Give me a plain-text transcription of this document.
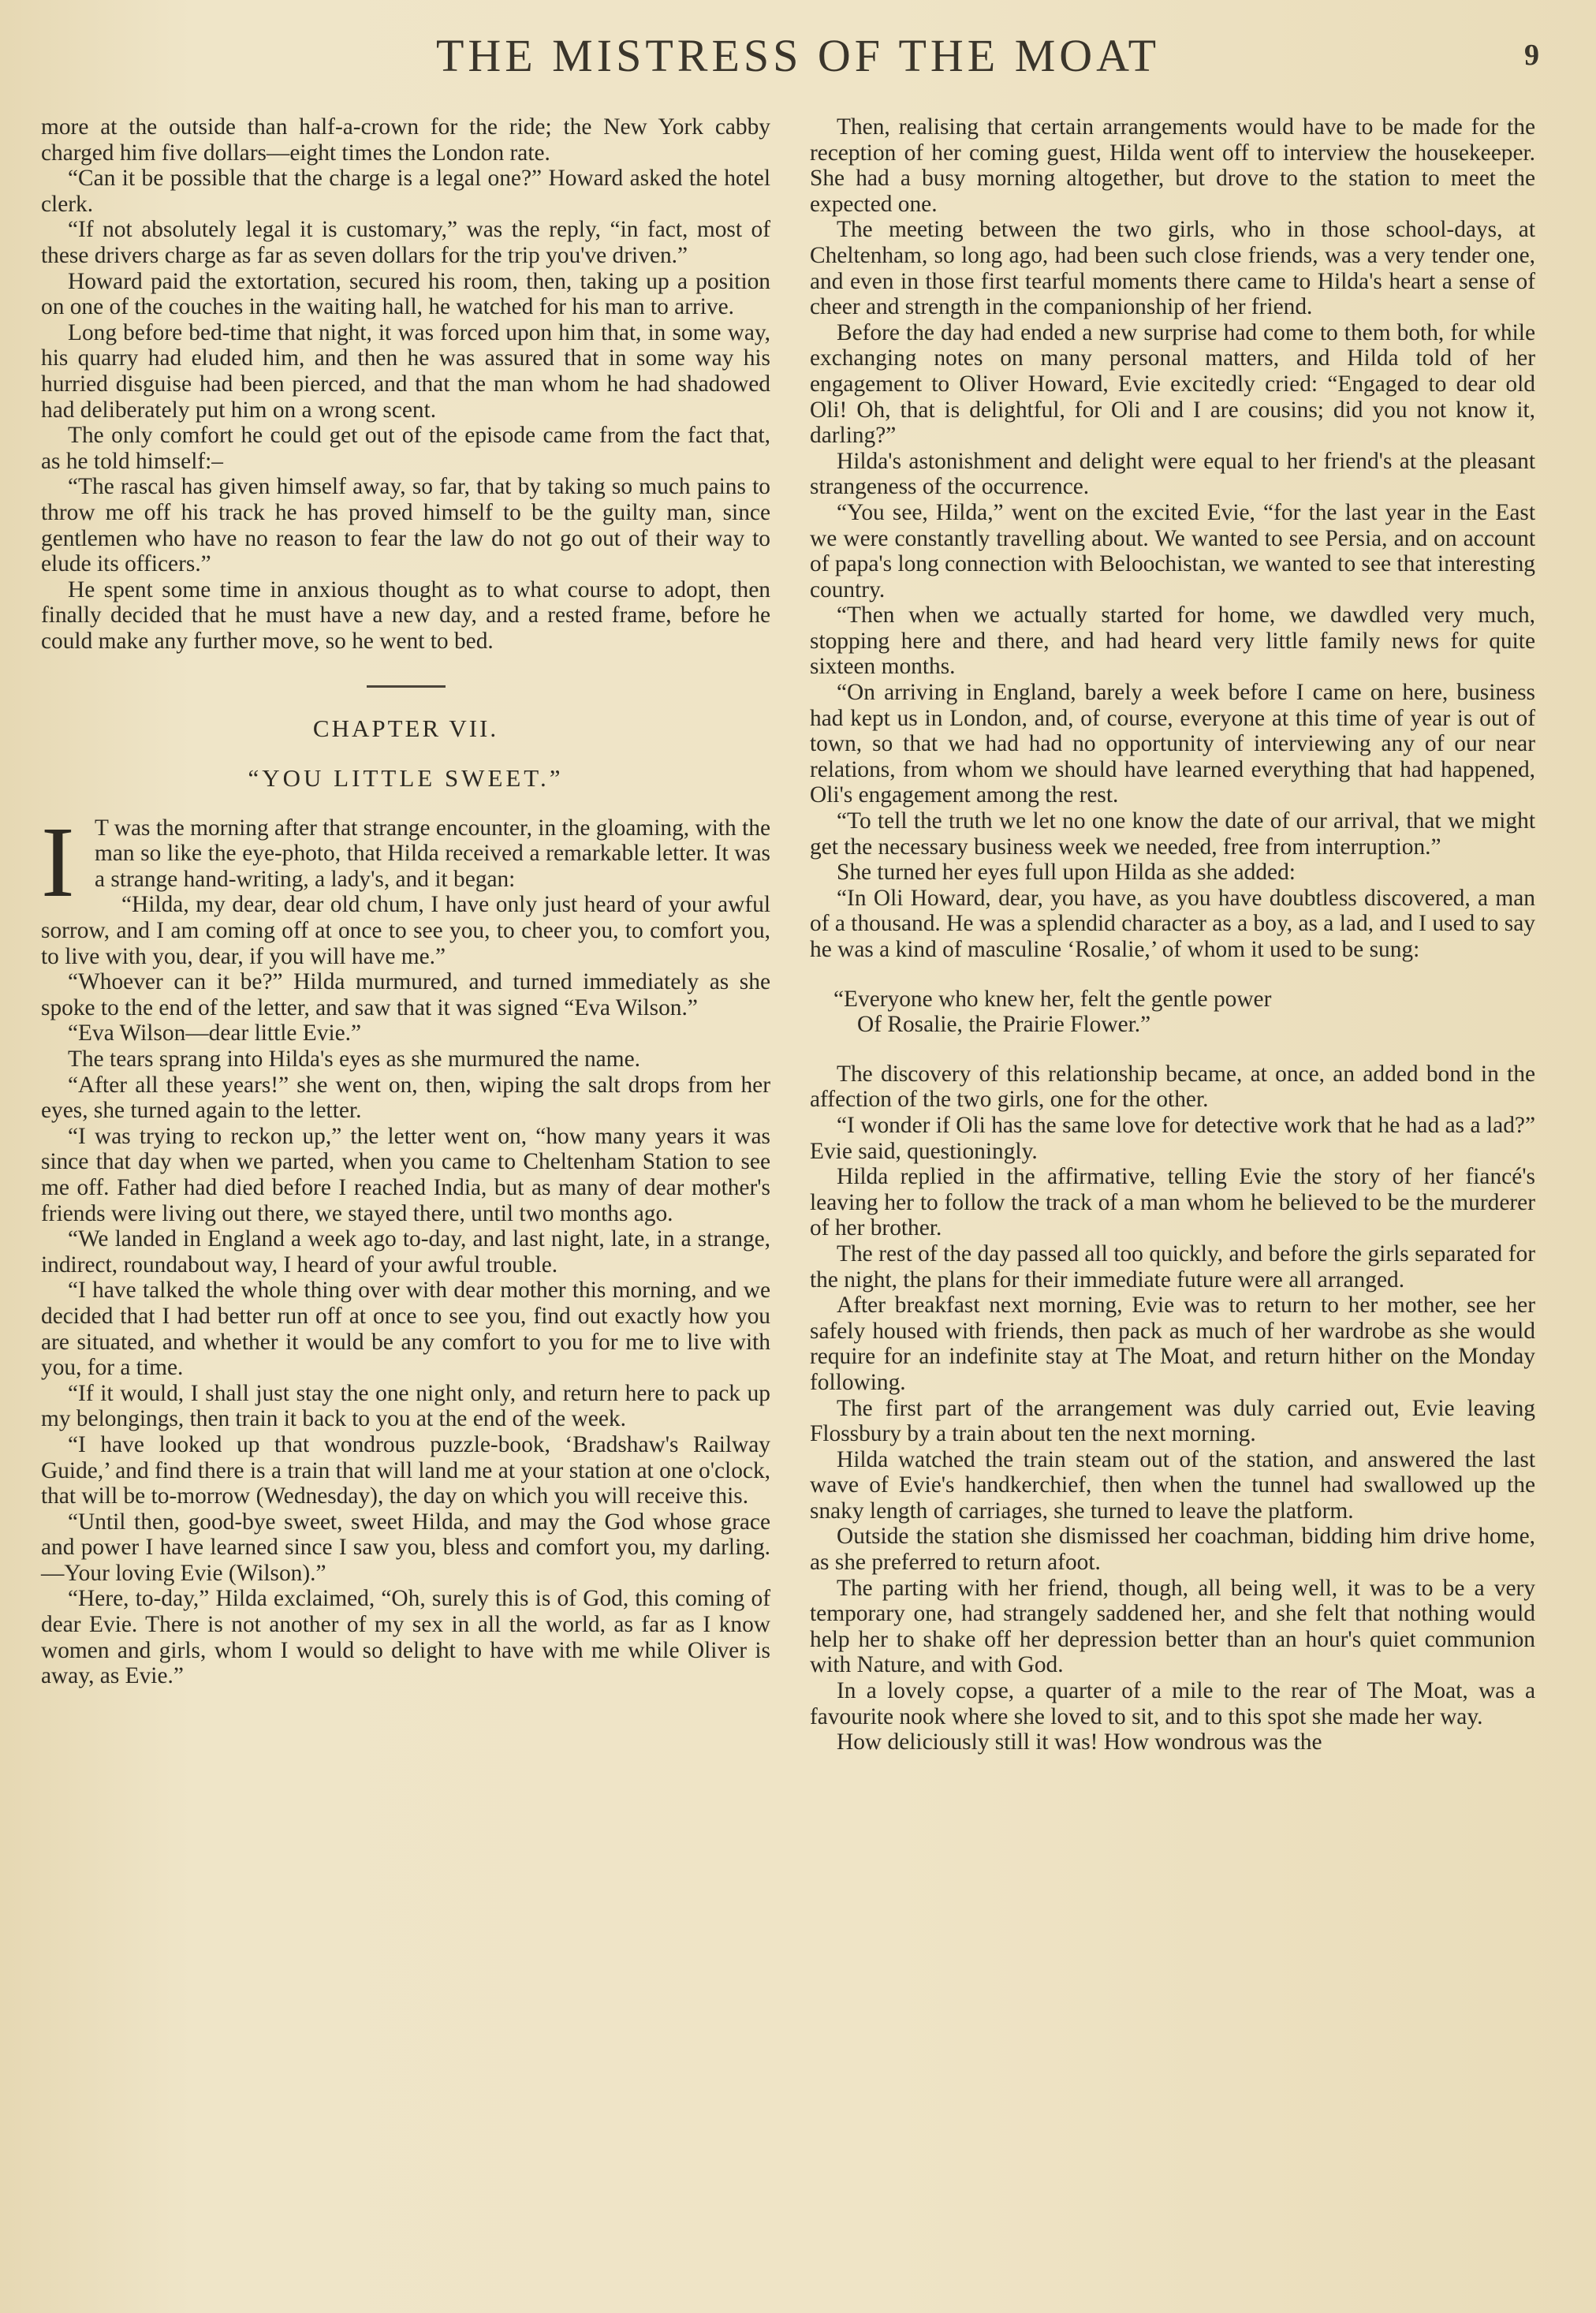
THE MISTRESS OF THE MOAT	9

more at the outside than half-a-crown for the ride; the New York cabby charged him five dollars—eight times the London rate.

“Can it be possible that the charge is a legal one?” Howard asked the hotel clerk.

“If not absolutely legal it is customary,” was the reply, “in fact, most of these drivers charge as far as seven dollars for the trip you've driven.”

Howard paid the extortation, secured his room, then, taking up a position on one of the couches in the waiting hall, he watched for his man to arrive.

Long before bed-time that night, it was forced upon him that, in some way, his quarry had eluded him, and then he was assured that in some way his hurried disguise had been pierced, and that the man whom he had shadowed had deliberately put him on a wrong scent.

The only comfort he could get out of the episode came from the fact that, as he told himself:–

“The rascal has given himself away, so far, that by taking so much pains to throw me off his track he has proved himself to be the guilty man, since gentlemen who have no reason to fear the law do not go out of their way to elude its officers.”

He spent some time in anxious thought as to what course to adopt, then finally decided that he must have a new day, and a rested frame, before he could make any further move, so he went to bed.

CHAPTER VII.
“YOU LITTLE SWEET.”
I T was the morning after that strange encounter, in the gloaming, with the man so like the eye-photo, that Hilda received a remarkable letter. It was a strange hand-writing, a lady's, and it began:

“Hilda, my dear, dear old chum, I have only just heard of your awful sorrow, and I am coming off at once to see you, to cheer you, to comfort you, to live with you, dear, if you will have me.”

“Whoever can it be?” Hilda murmured, and turned immediately as she spoke to the end of the letter, and saw that it was signed “Eva Wilson.”

“Eva Wilson—dear little Evie.”

The tears sprang into Hilda's eyes as she murmured the name.

“After all these years!” she went on, then, wiping the salt drops from her eyes, she turned again to the letter.

“I was trying to reckon up,” the letter went on, “how many years it was since that day when we parted, when you came to Cheltenham Station to see me off. Father had died before I reached India, but as many of dear mother's friends were living out there, we stayed there, until two months ago.

“We landed in England a week ago to-day, and last night, late, in a strange, indirect, roundabout way, I heard of your awful trouble.

“I have talked the whole thing over with dear mother this morning, and we decided that I had better run off at once to see you, find out exactly how you are situated, and whether it would be any comfort to you for me to live with you, for a time.

“If it would, I shall just stay the one night only, and return here to pack up my belongings, then train it back to you at the end of the week.

“I have looked up that wondrous puzzle-book, ‘Bradshaw's Railway Guide,’ and find there is a train that will land me at your station at one o'clock, that will be to-morrow (Wednesday), the day on which you will receive this.

“Until then, good-bye sweet, sweet Hilda, and may the God whose grace and power I have learned since I saw you, bless and comfort you, my darling.—Your loving Evie (Wilson).”

“Here, to-day,” Hilda exclaimed, “Oh, surely this is of God, this coming of dear Evie. There is not another of my sex in all the world, as far as I know women and girls, whom I would so delight to have with me while Oliver is away, as Evie.”

Then, realising that certain arrangements would have to be made for the reception of her coming guest, Hilda went off to interview the housekeeper. She had a busy morning altogether, but drove to the station to meet the expected one.

The meeting between the two girls, who in those school-days, at Cheltenham, so long ago, had been such close friends, was a very tender one, and even in those first tearful moments there came to Hilda's heart a sense of cheer and strength in the companionship of her friend.

Before the day had ended a new surprise had come to them both, for while exchanging notes on many personal matters, and Hilda told of her engagement to Oliver Howard, Evie excitedly cried: “Engaged to dear old Oli! Oh, that is delightful, for Oli and I are cousins; did you not know it, darling?”

Hilda's astonishment and delight were equal to her friend's at the pleasant strangeness of the occurrence.

“You see, Hilda,” went on the excited Evie, “for the last year in the East we were constantly travelling about. We wanted to see Persia, and on account of papa's long connection with Beloochistan, we wanted to see that interesting country.

“Then when we actually started for home, we dawdled very much, stopping here and there, and had heard very little family news for quite sixteen months.

“On arriving in England, barely a week before I came on here, business had kept us in London, and, of course, everyone at this time of year is out of town, so that we had had no opportunity of interviewing any of our near relations, from whom we should have learned everything that had happened, Oli's engagement among the rest.

“To tell the truth we let no one know the date of our arrival, that we might get the necessary business week we needed, free from interruption.”

She turned her eyes full upon Hilda as she added:

“In Oli Howard, dear, you have, as you have doubtless discovered, a man of a thousand. He was a splendid character as a boy, as a lad, and I used to say he was a kind of masculine ‘Rosalie,’ of whom it used to be sung:

“Everyone who knew her, felt the gentle power

Of Rosalie, the Prairie Flower.”

The discovery of this relationship became, at once, an added bond in the affection of the two girls, one for the other.

“I wonder if Oli has the same love for detective work that he had as a lad?” Evie said, questioningly.

Hilda replied in the affirmative, telling Evie the story of her fiancé's leaving her to follow the track of a man whom he believed to be the murderer of her brother.

The rest of the day passed all too quickly, and before the girls separated for the night, the plans for their immediate future were all arranged.

After breakfast next morning, Evie was to return to her mother, see her safely housed with friends, then pack as much of her wardrobe as she would require for an indefinite stay at The Moat, and return hither on the Monday following.

The first part of the arrangement was duly carried out, Evie leaving Flossbury by a train about ten the next morning.

Hilda watched the train steam out of the station, and answered the last wave of Evie's handkerchief, then when the tunnel had swallowed up the snaky length of carriages, she turned to leave the platform.

Outside the station she dismissed her coachman, bidding him drive home, as she preferred to return afoot.

The parting with her friend, though, all being well, it was to be a very temporary one, had strangely saddened her, and she felt that nothing would help her to shake off her depression better than an hour's quiet communion with Nature, and with God.

In a lovely copse, a quarter of a mile to the rear of The Moat, was a favourite nook where she loved to sit, and to this spot she made her way.

How deliciously still it was! How wondrous was the
